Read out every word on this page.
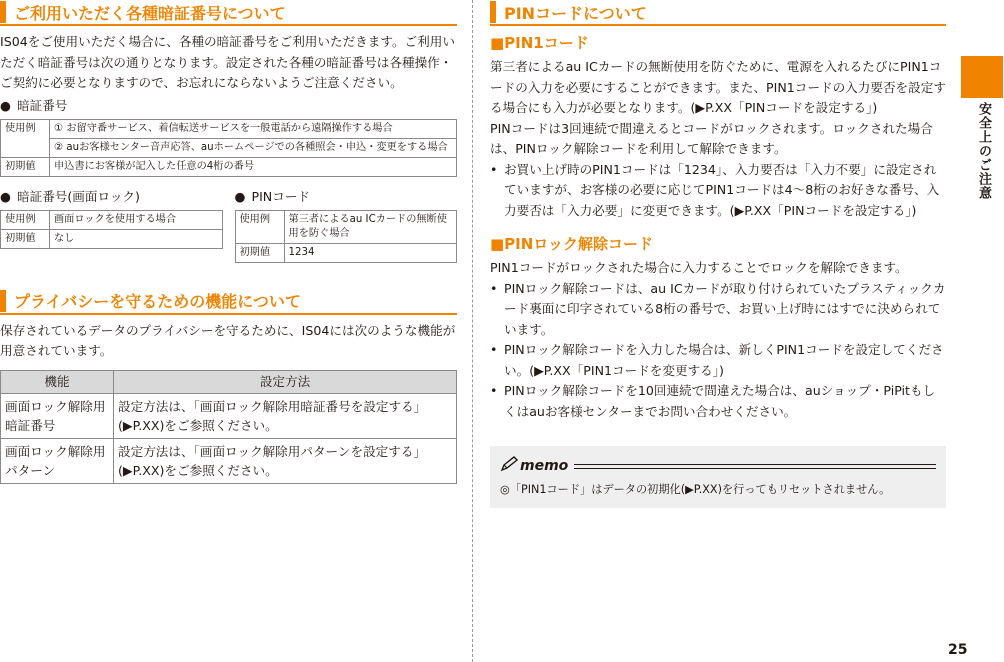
ご利用いただく各種暗証番号について

IS04をご使用いただく場合に、各種の暗証番号をご利用いただきます。ご利用いただく暗証番号は次の通りとなります。設定された各種の暗証番号は各種操作・ご契約に必要となりますので、お忘れにならないようご注意ください。

● 暗証番号
使用例	① お留守番サービス、着信転送サービスを一般電話から遠隔操作する場合
	② auお客様センター音声応答、auホームページでの各種照会・申込・変更をする場合
初期値	申込書にお客様が記入した任意の4桁の番号
● 暗証番号(画面ロック)
使用例	画面ロックを使用する場合
初期値	なし
● PINコード
使用例	第三者によるau ICカードの無断使用を防ぐ場合
初期値	1234
プライバシーを守るための機能について

保存されているデータのプライバシーを守るために、IS04には次のような機能が用意されています。

機能	設定方法
画面ロック解除用暗証番号	設定方法は、「画面ロック解除用暗証番号を設定する」(▶P.XX)をご参照ください。
画面ロック解除用パターン	設定方法は、「画面ロック解除用パターンを設定する」(▶P.XX)をご参照ください。
PINコードについて
■PIN1コード

第三者によるau ICカードの無断使用を防ぐために、電源を入れるたびにPIN1コードの入力を必要にすることができます。また、PIN1コードの入力要否を設定する場合にも入力が必要となります。(▶P.XX「PINコードを設定する」)

PINコードは3回連続で間違えるとコードがロックされます。ロックされた場合は、PINロック解除コードを利用して解除できます。

• お買い上げ時のPIN1コードは「1234」、入力要否は「入力不要」に設定されていますが、お客様の必要に応じてPIN1コードは4～8桁のお好きな番号、入力要否は「入力必要」に変更できます。(▶P.XX「PINコードを設定する」)
■PINロック解除コード

PIN1コードがロックされた場合に入力することでロックを解除できます。

• PINロック解除コードは、au ICカードが取り付けられていたプラスティックカード裏面に印字されている8桁の番号で、お買い上げ時にはすでに決められています。
• PINロック解除コードを入力した場合は、新しくPIN1コードを設定してください。(▶P.XX「PIN1コードを変更する」)
• PINロック解除コードを10回連続で間違えた場合は、auショップ・PiPitもしくはauお客様センターまでお問い合わせください。
memo

◎「PIN1コード」はデータの初期化(▶P.XX)を行ってもリセットされません。

安全上のご注意
25
